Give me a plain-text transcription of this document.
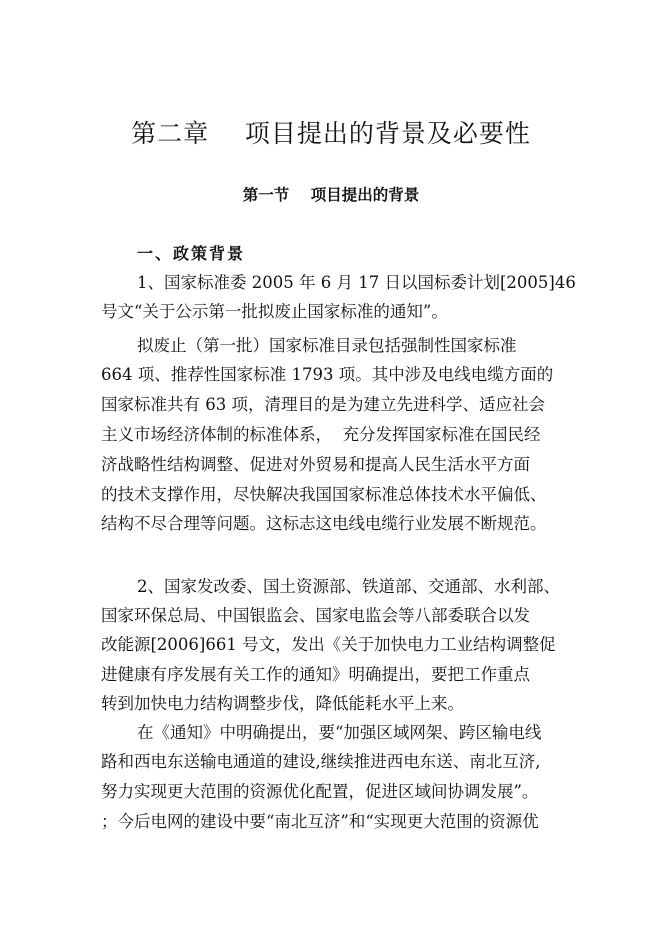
第二章    项目提出的背景及必要性
第一节    项目提出的背景
一、政策背景
1、国家标准委 2005 年 6 月 17 日以国标委计划[2005]46
号文“关于公示第一批拟废止国家标准的通知”。
拟废止（第一批）国家标准目录包括强制性国家标准
664 项、推荐性国家标准 1793 项。其中涉及电线电缆方面的
国家标准共有 63 项，清理目的是为建立先进科学、适应社会
主义市场经济体制的标准体系，  充分发挥国家标准在国民经
济战略性结构调整、促进对外贸易和提高人民生活水平方面
的技术支撑作用，尽快解决我国国家标准总体技术水平偏低、
结构不尽合理等问题。这标志这电线电缆行业发展不断规范。
2、国家发改委、国土资源部、铁道部、交通部、水利部、
国家环保总局、中国银监会、国家电监会等八部委联合以发
改能源[2006]661 号文，发出《关于加快电力工业结构调整促
进健康有序发展有关工作的通知》明确提出，要把工作重点
转到加快电力结构调整步伐，降低能耗水平上来。
在《通知》中明确提出，要“加强区域网架、跨区输电线
路和西电东送输电通道的建设,继续推进西电东送、南北互济,
努力实现更大范围的资源优化配置，促进区域间协调发展”。
；今后电网的建设中要“南北互济”和“实现更大范围的资源优
